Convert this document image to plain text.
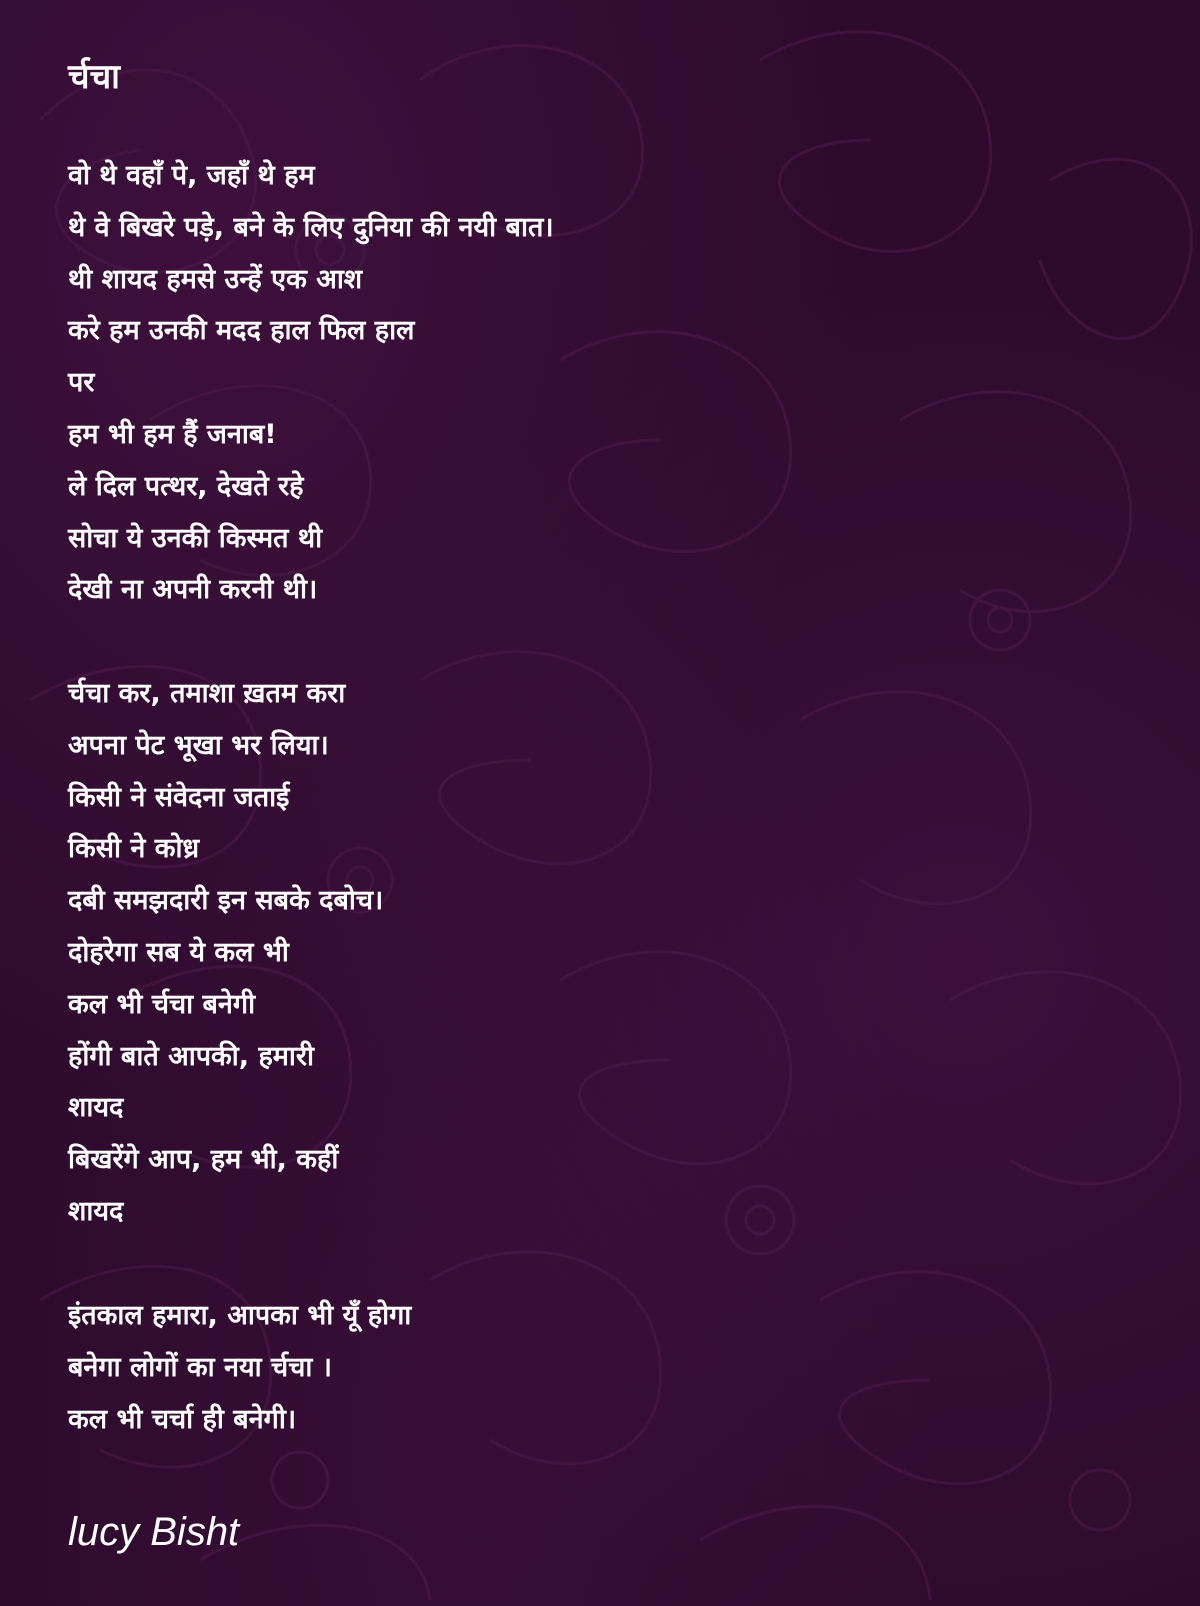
र्चचा
वो थे वहाँ पे, जहाँ थे हम
थे वे बिखरे पड़े, बने के लिए दुनिया की नयी बात।
थी शायद हमसे उन्हें एक आश
करे हम उनकी मदद हाल फिल हाल
पर
हम भी हम हैं जनाब!
ले दिल पत्थर, देखते रहे
सोचा ये उनकी किस्मत थी
देखी ना अपनी करनी थी।
र्चचा कर, तमाशा ख़तम करा
अपना पेट भूखा भर लिया।
किसी ने संवेदना जताई
किसी ने कोध्र
दबी समझदारी इन सबके दबोच।
दोहरेगा सब ये कल भी
कल भी र्चचा बनेगी
होंगी बाते आपकी, हमारी
शायद
बिखरेंगे आप, हम भी, कहीं
शायद
इंतकाल हमारा, आपका भी यूँ होगा
बनेगा लोगों का नया र्चचा ।
कल भी चर्चा ही बनेगी।
lucy Bisht
